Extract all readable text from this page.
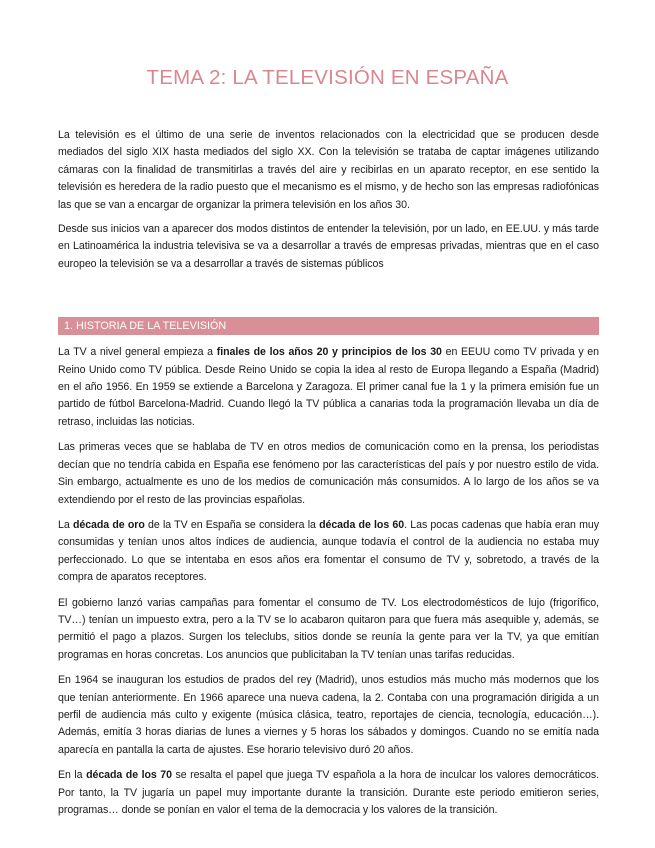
TEMA 2: LA TELEVISIÓN EN ESPAÑA

La televisión es el último de una serie de inventos relacionados con la electricidad que se producen desde mediados del siglo XIX hasta mediados del siglo XX. Con la televisión se trataba de captar imágenes utilizando cámaras con la finalidad de transmitirlas a través del aire y recibirlas en un aparato receptor, en ese sentido la televisión es heredera de la radio puesto que el mecanismo es el mismo, y de hecho son las empresas radiofónicas las que se van a encargar de organizar la primera televisión en los años 30.

Desde sus inicios van a aparecer dos modos distintos de entender la televisión, por un lado, en EE.UU. y más tarde en Latinoamérica la industria televisiva se va a desarrollar a través de empresas privadas, mientras que en el caso europeo la televisión se va a desarrollar a través de sistemas públicos

1. HISTORIA DE LA TELEVISIÓN

La TV a nivel general empieza a finales de los años 20 y principios de los 30 en EEUU como TV privada y en Reino Unido como TV pública. Desde Reino Unido se copia la idea al resto de Europa llegando a España (Madrid) en el año 1956. En 1959 se extiende a Barcelona y Zaragoza. El primer canal fue la 1 y la primera emisión fue un partido de fútbol Barcelona-Madrid. Cuando llegó la TV pública a canarias toda la programación llevaba un día de retraso, incluidas las noticias.

Las primeras veces que se hablaba de TV en otros medios de comunicación como en la prensa, los periodistas decían que no tendría cabida en España ese fenómeno por las características del país y por nuestro estilo de vida. Sin embargo, actualmente es uno de los medios de comunicación más consumidos. A lo largo de los años se va extendiendo por el resto de las provincias españolas.

La década de oro de la TV en España se considera la década de los 60. Las pocas cadenas que había eran muy consumidas y tenían unos altos índices de audiencia, aunque todavía el control de la audiencia no estaba muy perfeccionado. Lo que se intentaba en esos años era fomentar el consumo de TV y, sobretodo, a través de la compra de aparatos receptores.

El gobierno lanzó varias campañas para fomentar el consumo de TV. Los electrodomésticos de lujo (frigorífico, TV…) tenían un impuesto extra, pero a la TV se lo acabaron quitaron para que fuera más asequible y, además, se permitió el pago a plazos. Surgen los teleclubs, sitios donde se reunía la gente para ver la TV, ya que emitían programas en horas concretas. Los anuncios que publicitaban la TV tenían unas tarifas reducidas.

En 1964 se inauguran los estudios de prados del rey (Madrid), unos estudios más mucho más modernos que los que tenían anteriormente. En 1966 aparece una nueva cadena, la 2. Contaba con una programación dirigida a un perfil de audiencia más culto y exigente (música clásica, teatro, reportajes de ciencia, tecnología, educación…). Además, emitía 3 horas diarias de lunes a viernes y 5 horas los sábados y domingos. Cuando no se emitía nada aparecía en pantalla la carta de ajustes. Ese horario televisivo duró 20 años.

En la década de los 70 se resalta el papel que juega TV española a la hora de inculcar los valores democráticos. Por tanto, la TV jugaría un papel muy importante durante la transición. Durante este periodo emitieron series, programas… donde se ponían en valor el tema de la democracia y los valores de la transición.
